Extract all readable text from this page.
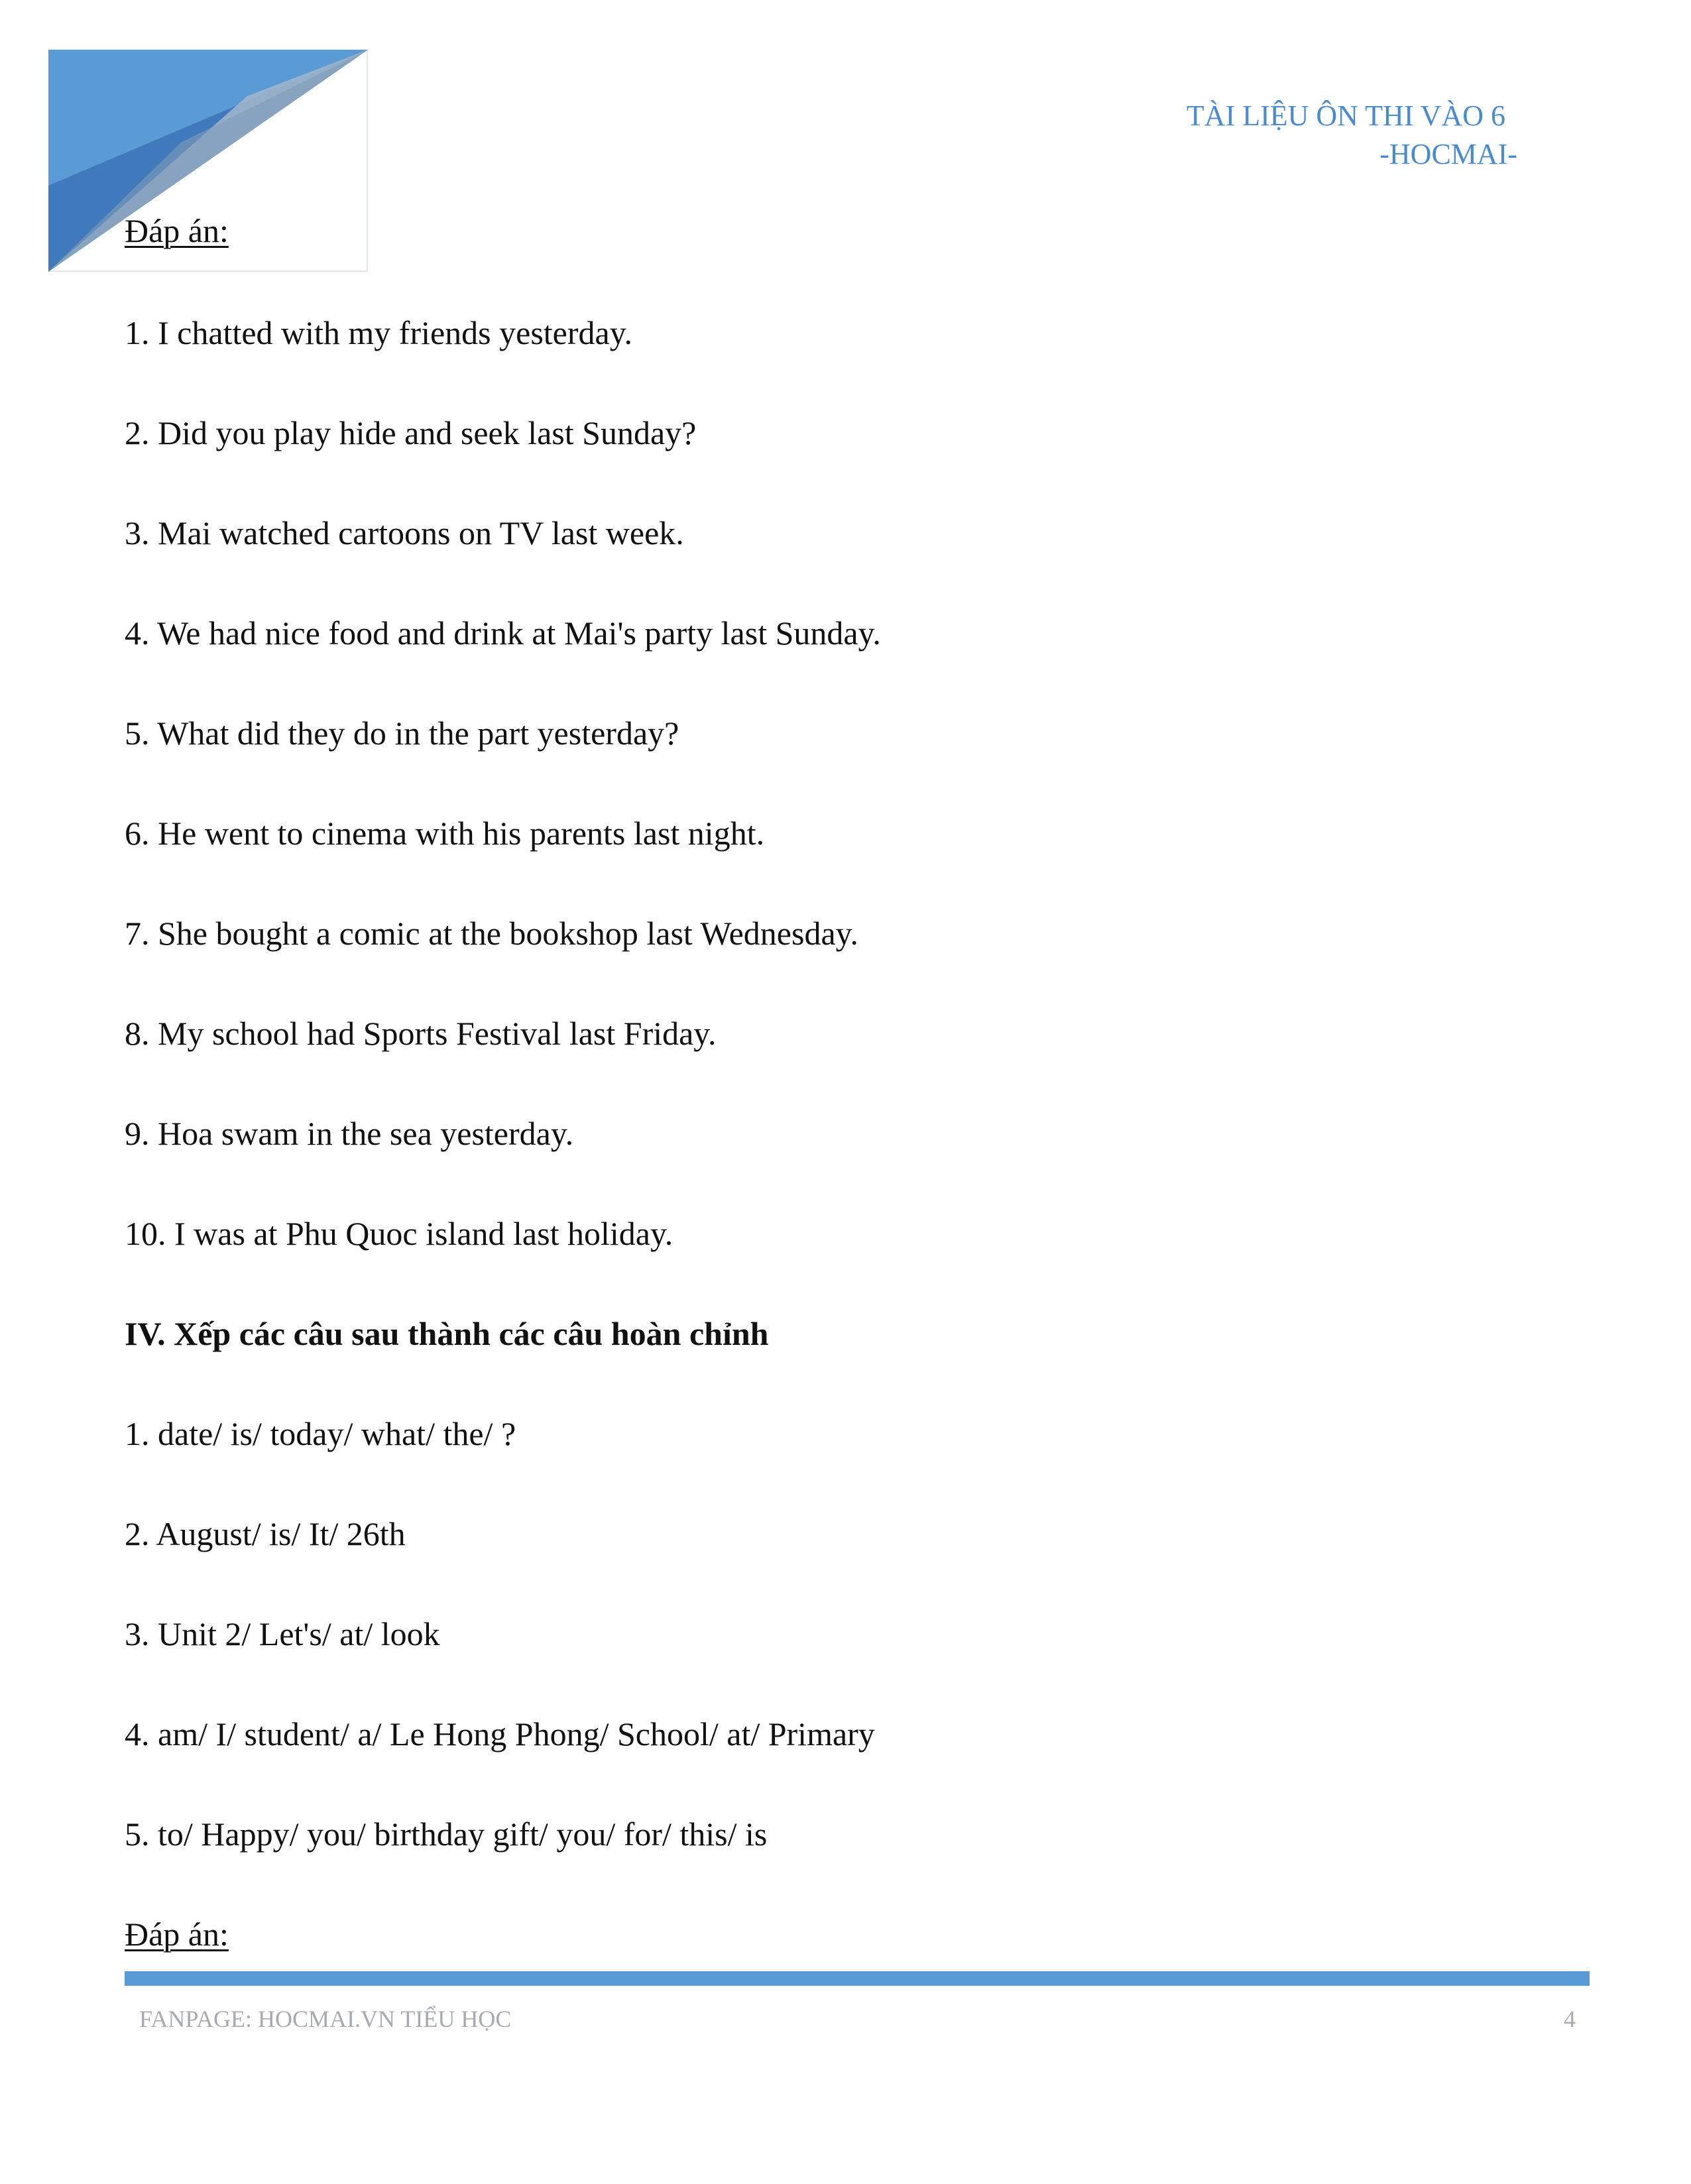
TÀI LIỆU ÔN THI VÀO 6
-HOCMAI-
Đáp án:
1. I chatted with my friends yesterday.
2. Did you play hide and seek last Sunday?
3. Mai watched cartoons on TV last week.
4. We had nice food and drink at Mai's party last Sunday.
5. What did they do in the part yesterday?
6. He went to cinema with his parents last night.
7. She bought a comic at the bookshop last Wednesday.
8. My school had Sports Festival last Friday.
9. Hoa swam in the sea yesterday.
10. I was at Phu Quoc island last holiday.
IV. Xếp các câu sau thành các câu hoàn chỉnh
1. date/ is/ today/ what/ the/ ?
2. August/ is/ It/ 26th
3. Unit 2/ Let's/ at/ look
4. am/ I/ student/ a/ Le Hong Phong/ School/ at/ Primary
5. to/ Happy/ you/ birthday gift/ you/ for/ this/ is
Đáp án:
FANPAGE: HOCMAI.VN TIỂU HỌC	4
